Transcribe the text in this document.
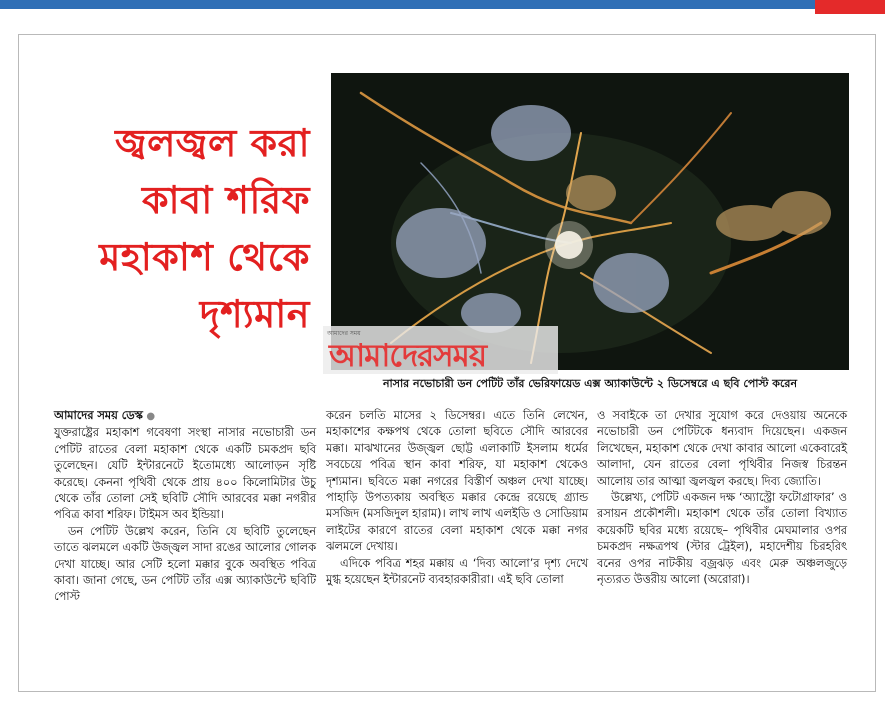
জ্বলজ্বল করা
কাবা শরিফ
মহাকাশ থেকে
দৃশ্যমান	আমাদের সময়
আমাদেরসময়
নাসার নভোচারী ডন পেটিট তাঁর ভেরিফায়েড এক্স অ্যাকাউন্টে ২ ডিসেম্বরে এ ছবি পোস্ট করেন

আমাদের সময় ডেস্ক ●

যুক্তরাষ্ট্রের মহাকাশ গবেষণা সংস্থা নাসার নভোচারী ডন পেটিট রাতের বেলা মহাকাশ থেকে একটি চমকপ্রদ ছবি তুলেছেন। যেটি ইন্টারনেটে ইতোমধ্যে আলোড়ন সৃষ্টি করেছে। কেননা পৃথিবী থেকে প্রায় ৪০০ কিলোমিটার উচু থেকে তাঁর তোলা সেই ছবিটি সৌদি আরবের মক্কা নগরীর পবিত্র কাবা শরিফ। টাইমস অব ইন্ডিয়া।

ডন পেটিট উল্লেখ করেন, তিনি যে ছবিটি তুলেছেন তাতে ঝলমলে একটি উজ্জ্বল সাদা রঙের আলোর গোলক দেখা যাচ্ছে। আর সেটি হলো মক্কার বুকে অবস্থিত পবিত্র কাবা। জানা গেছে, ডন পেটিট তাঁর এক্স অ্যাকাউন্টে ছবিটি পোস্ট

করেন চলতি মাসের ২ ডিসেম্বর। এতে তিনি লেখেন, মহাকাশের কক্ষপথ থেকে তোলা ছবিতে সৌদি আরবের মক্কা। মাঝখানের উজ্জ্বল ছোট্ট এলাকাটি ইসলাম ধর্মের সবচেয়ে পবিত্র স্থান কাবা শরিফ, যা মহাকাশ থেকেও দৃশ্যমান। ছবিতে মক্কা নগরের বিস্তীর্ণ অঞ্চল দেখা যাচ্ছে। পাহাড়ি উপত্যকায় অবস্থিত মক্কার কেন্দ্রে রয়েছে গ্র্যান্ড মসজিদ (মসজিদুল হারাম)। লাখ লাখ এলইডি ও সোডিয়াম লাইটের কারণে রাতের বেলা মহাকাশ থেকে মক্কা নগর ঝলমলে দেখায়।

এদিকে পবিত্র শহর মক্কায় এ ‘দিব্য আলো’র দৃশ্য দেখে মুগ্ধ হয়েছেন ইন্টারনেট ব্যবহারকারীরা। এই ছবি তোলা

ও সবাইকে তা দেখার সুযোগ করে দেওয়ায় অনেকে নভোচারী ডন পেটিটকে ধন্যবাদ দিয়েছেন। একজন লিখেছেন, মহাকাশ থেকে দেখা কাবার আলো একেবারেই আলাদা, যেন রাতের বেলা পৃথিবীর নিজস্ব চিরন্তন আলোয় তার আত্মা জ্বলজ্বল করছে। দিব্য জ্যোতি।

উল্লেখ্য, পেটিট একজন দক্ষ ‘অ্যাস্ট্রো ফটোগ্রাফার’ ও রসায়ন প্রকৌশলী। মহাকাশ থেকে তাঁর তোলা বিখ্যাত কয়েকটি ছবির মধ্যে রয়েছে– পৃথিবীর মেঘমালার ওপর চমকপ্রদ নক্ষত্রপথ (স্টার ট্রেইল), মহাদেশীয় চিরহরিৎ বনের ওপর নাটকীয় বজ্রঝড় এবং মেরু অঞ্চলজুড়ে নৃত্যরত উত্তরীয় আলো (অরোরা)।
